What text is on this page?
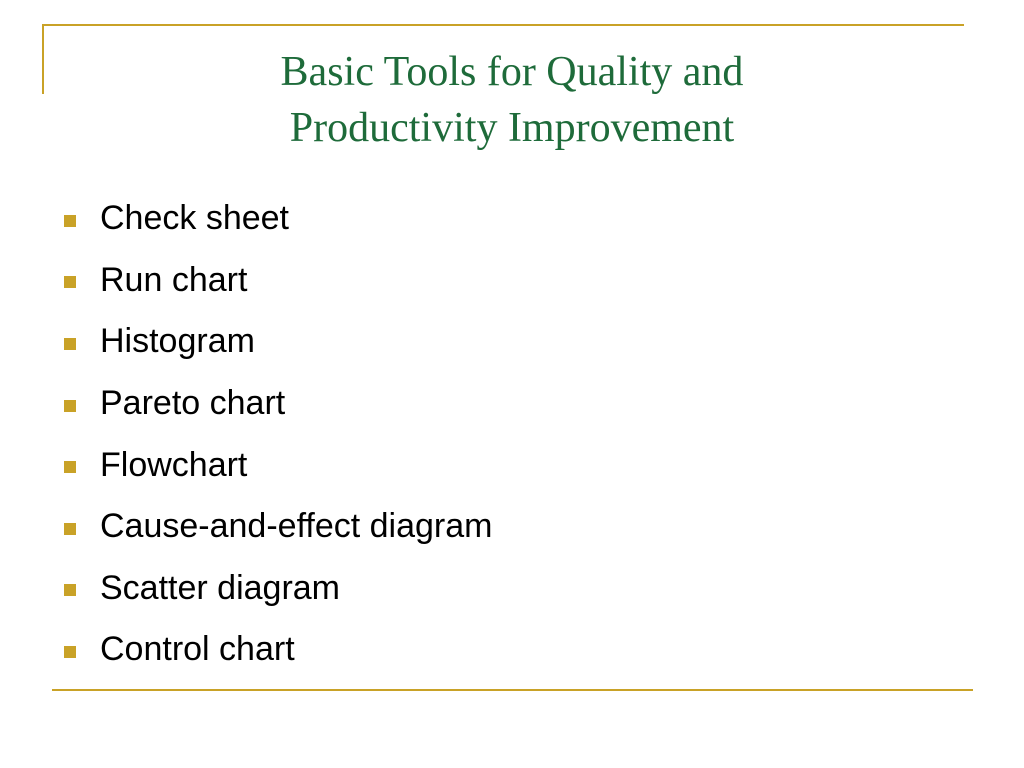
Basic Tools for Quality and
Productivity Improvement
Check sheet
Run chart
Histogram
Pareto chart
Flowchart
Cause-and-effect diagram
Scatter diagram
Control chart
